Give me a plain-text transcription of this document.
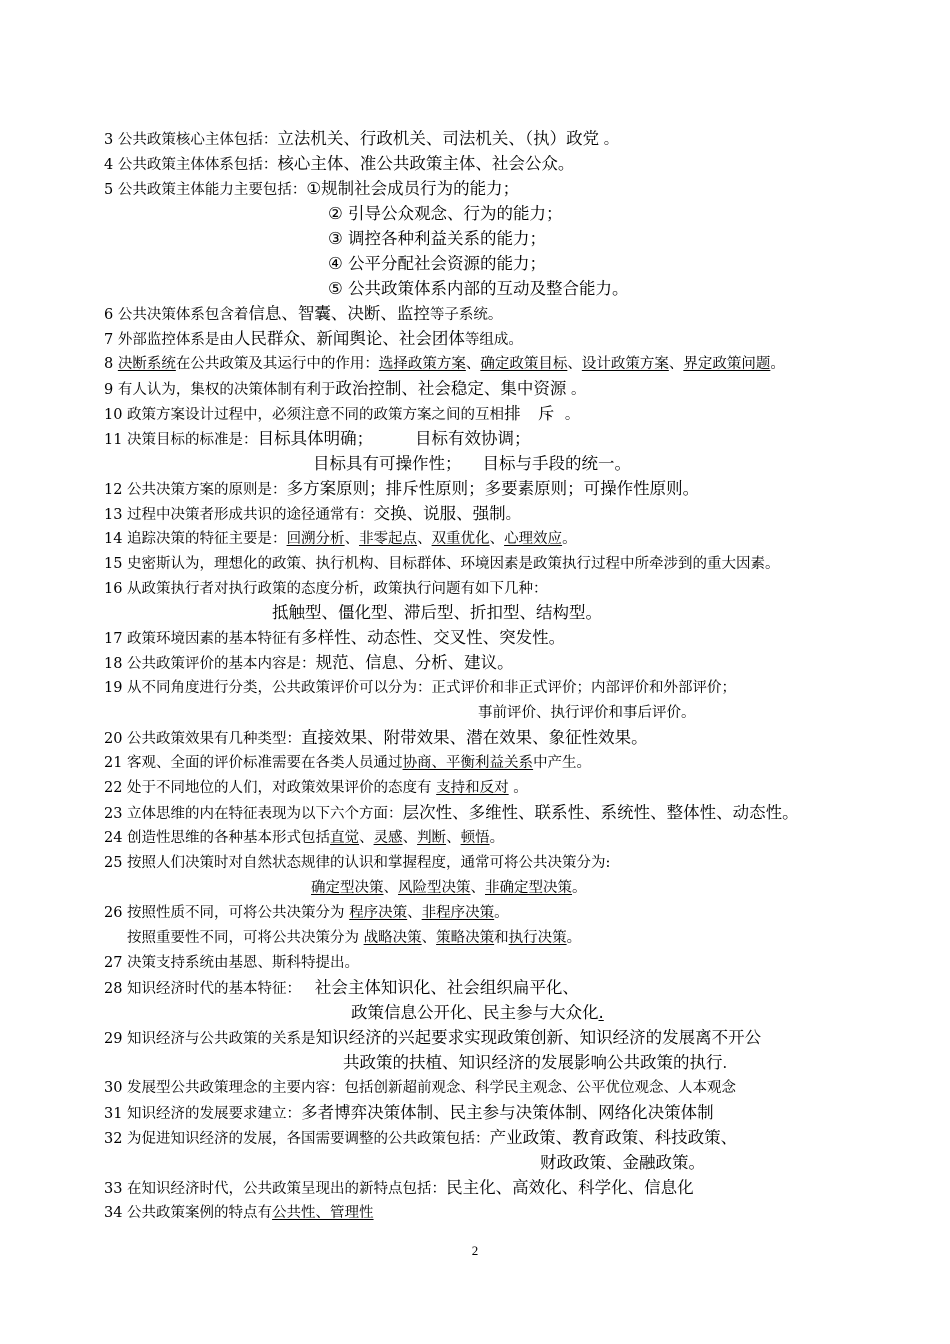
3 公共政策核心主体包括：立法机关、行政机关、司法机关、（执）政党 。
4 公共政策主体体系包括：核心主体、准公共政策主体、社会公众。
5 公共政策主体能力主要包括：①规制社会成员行为的能力；
② 引导公众观念、行为的能力；
③ 调控各种利益关系的能力；
④ 公平分配社会资源的能力；
⑤ 公共政策体系内部的互动及整合能力。
6 公共决策体系包含着信息、智囊、决断、监控等子系统。
7 外部监控体系是由人民群众、新闻舆论、社会团体等组成。
8 决断系统在公共政策及其运行中的作用：选择政策方案、确定政策目标、设计政策方案、界定政策问题。
9 有人认为，集权的决策体制有利于政治控制、社会稳定、集中资源 。
10 政策方案设计过程中，必须注意不同的政策方案之间的互相排 斥 。
11 决策目标的标准是：目标具体明确；        目标有效协调；
目标具有可操作性；    目标与手段的统一。
12 公共决策方案的原则是：多方案原则；排斥性原则；多要素原则；可操作性原则。
13 过程中决策者形成共识的途径通常有：交换、说服、强制。
14 追踪决策的特征主要是：回溯分析、非零起点、双重优化、心理效应。
15 史密斯认为，理想化的政策、执行机构、目标群体、环境因素是政策执行过程中所牵涉到的重大因素。
16 从政策执行者对执行政策的态度分析，政策执行问题有如下几种：
抵触型、僵化型、滞后型、折扣型、结构型。
17 政策环境因素的基本特征有多样性、动态性、交叉性、突发性。
18 公共政策评价的基本内容是：规范、信息、分析、建议。
19 从不同角度进行分类，公共政策评价可以分为：正式评价和非正式评价；内部评价和外部评价；
事前评价、执行评价和事后评价。
20 公共政策效果有几种类型：直接效果、附带效果、潜在效果、象征性效果。
21 客观、全面的评价标准需要在各类人员通过协商、平衡利益关系中产生。
22 处于不同地位的人们，对政策效果评价的态度有 支持和反对 。
23 立体思维的内在特征表现为以下六个方面：层次性、多维性、联系性、系统性、整体性、动态性。
24 创造性思维的各种基本形式包括直觉、灵感、判断、顿悟。
25 按照人们决策时对自然状态规律的认识和掌握程度，通常可将公共决策分为:
确定型决策、风险型决策、非确定型决策。
26 按照性质不同，可将公共决策分为 程序决策、非程序决策。
按照重要性不同，可将公共决策分为 战略决策、策略决策和执行决策。
27 决策支持系统由基恩、斯科特提出。
28 知识经济时代的基本特征：   社会主体知识化、社会组织扁平化、
政策信息公开化、民主参与大众化.
29 知识经济与公共政策的关系是知识经济的兴起要求实现政策创新、知识经济的发展离不开公
共政策的扶植、知识经济的发展影响公共政策的执行.
30 发展型公共政策理念的主要内容：包括创新超前观念、科学民主观念、公平优位观念、人本观念
31 知识经济的发展要求建立：多者博弈决策体制、民主参与决策体制、网络化决策体制
32 为促进知识经济的发展，各国需要调整的公共政策包括：产业政策、教育政策、科技政策、
财政政策、金融政策。
33 在知识经济时代，公共政策呈现出的新特点包括：民主化、高效化、科学化、信息化
34 公共政策案例的特点有公共性、管理性
2
